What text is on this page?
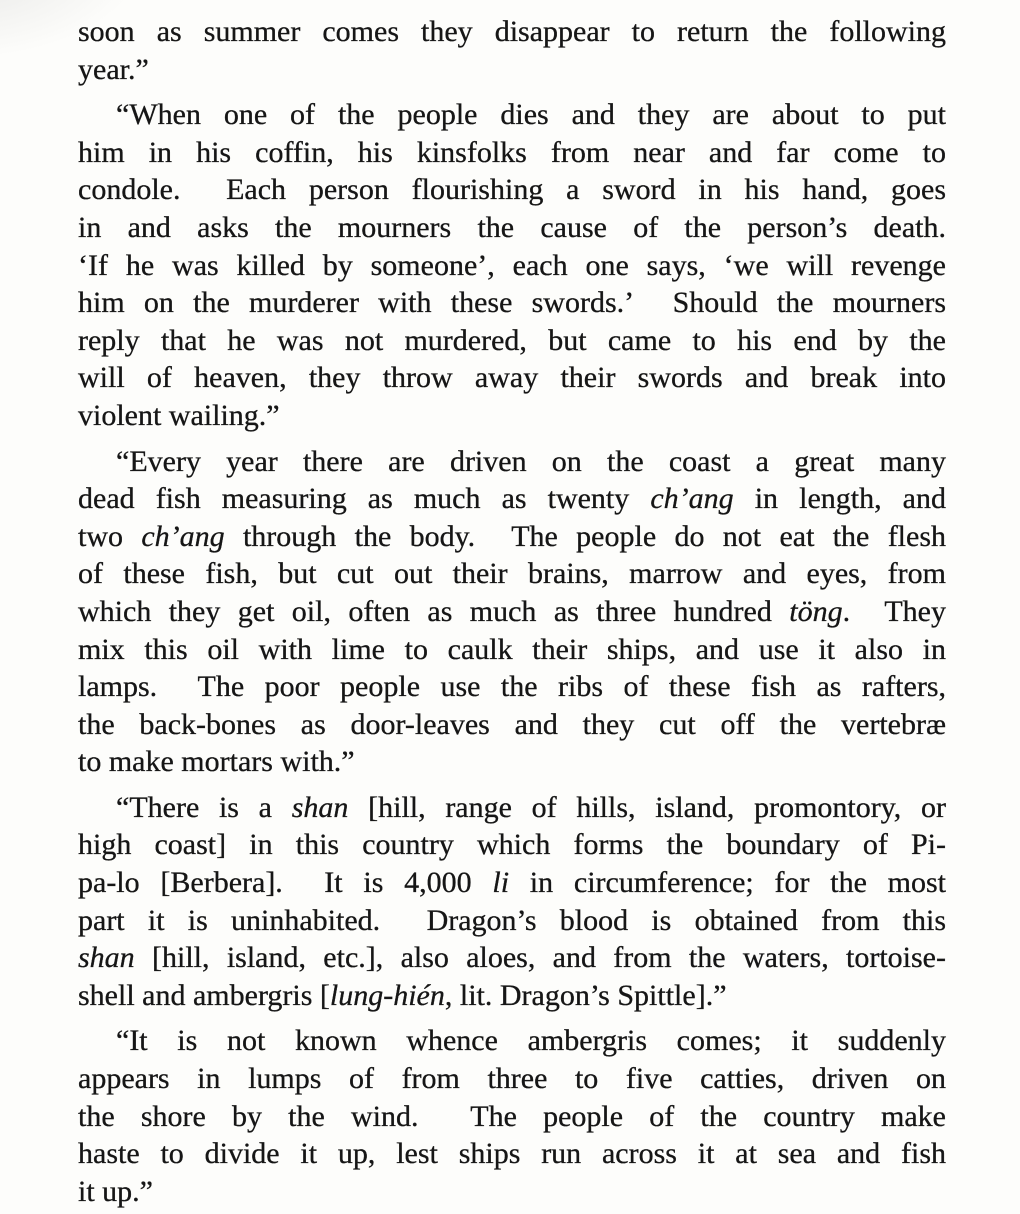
soon as summer comes they disappear to return the following
year.”
“When one of the people dies and they are about to put
him in his coffin, his kinsfolks from near and far come to
condole.  Each person flourishing a sword in his hand, goes
in and asks the mourners the cause of the person’s death.
‘If he was killed by someone’, each one says, ‘we will revenge
him on the murderer with these swords.’  Should the mourners
reply that he was not murdered, but came to his end by the
will of heaven, they throw away their swords and break into
violent wailing.”
“Every year there are driven on the coast a great many
dead fish measuring as much as twenty ch’ang in length, and
two ch’ang through the body.  The people do not eat the flesh
of these fish, but cut out their brains, marrow and eyes, from
which they get oil, often as much as three hundred töng.  They
mix this oil with lime to caulk their ships, and use it also in
lamps.  The poor people use the ribs of these fish as rafters,
the back-bones as door-leaves and they cut off the vertebræ
to make mortars with.”
“There is a shan [hill, range of hills, island, promontory, or
high coast] in this country which forms the boundary of Pi-
pa-lo [Berbera].  It is 4,000 li in circumference; for the most
part it is uninhabited.  Dragon’s blood is obtained from this
shan [hill, island, etc.], also aloes, and from the waters, tortoise-
shell and ambergris [lung-hién, lit. Dragon’s Spittle].”
“It is not known whence ambergris comes; it suddenly
appears in lumps of from three to five catties, driven on
the shore by the wind.  The people of the country make
haste to divide it up, lest ships run across it at sea and fish
it up.”
